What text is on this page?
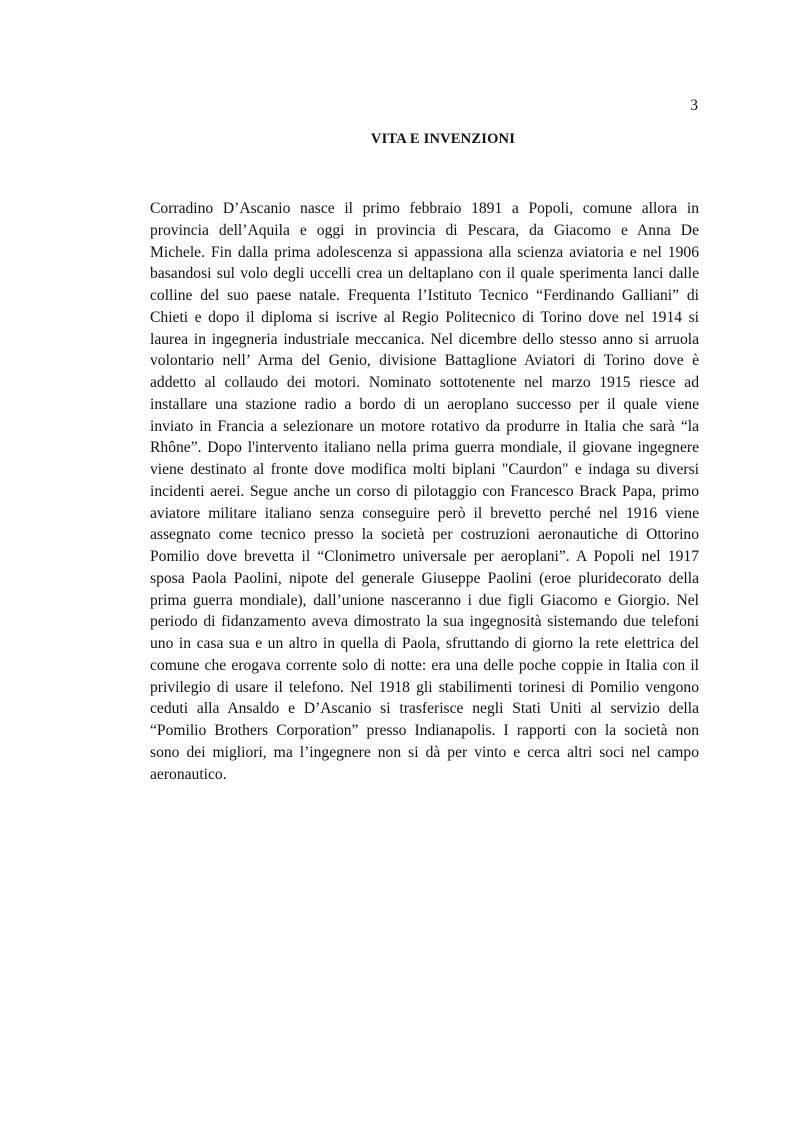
3
VITA E INVENZIONI
Corradino D’Ascanio nasce il primo febbraio 1891 a Popoli, comune allora in
provincia dell’Aquila e oggi in provincia di Pescara, da Giacomo e Anna De
Michele. Fin dalla prima adolescenza si appassiona alla scienza aviatoria e nel 1906
basandosi sul volo degli uccelli crea un deltaplano con il quale sperimenta lanci dalle
colline del suo paese natale. Frequenta l’Istituto Tecnico “Ferdinando Galliani” di
Chieti e dopo il diploma si iscrive al Regio Politecnico di Torino dove nel 1914 si
laurea in ingegneria industriale meccanica. Nel dicembre dello stesso anno si arruola
volontario nell’ Arma del Genio, divisione Battaglione Aviatori di Torino dove è
addetto al collaudo dei motori. Nominato sottotenente nel marzo 1915 riesce ad
installare una stazione radio a bordo di un aeroplano successo per il quale viene
inviato in Francia a selezionare un motore rotativo da produrre in Italia che sarà “la
Rhône”. Dopo l'intervento italiano nella prima guerra mondiale, il giovane ingegnere
viene destinato al fronte dove modifica molti biplani "Caurdon" e indaga su diversi
incidenti aerei. Segue anche un corso di pilotaggio con Francesco Brack Papa, primo
aviatore militare italiano senza conseguire però il brevetto perché nel 1916 viene
assegnato come tecnico presso la società per costruzioni aeronautiche di Ottorino
Pomilio dove brevetta il “Clonimetro universale per aeroplani”. A Popoli nel 1917
sposa Paola Paolini, nipote del generale Giuseppe Paolini (eroe pluridecorato della
prima guerra mondiale), dall’unione nasceranno i due figli Giacomo e Giorgio. Nel
periodo di fidanzamento aveva dimostrato la sua ingegnosità sistemando due telefoni
uno in casa sua e un altro in quella di Paola, sfruttando di giorno la rete elettrica del
comune che erogava corrente solo di notte: era una delle poche coppie in Italia con il
privilegio di usare il telefono. Nel 1918 gli stabilimenti torinesi di Pomilio vengono
ceduti alla Ansaldo e D’Ascanio si trasferisce negli Stati Uniti al servizio della
“Pomilio Brothers Corporation” presso Indianapolis. I rapporti con la società non
sono dei migliori, ma l’ingegnere non si dà per vinto e cerca altri soci nel campo
aeronautico.
